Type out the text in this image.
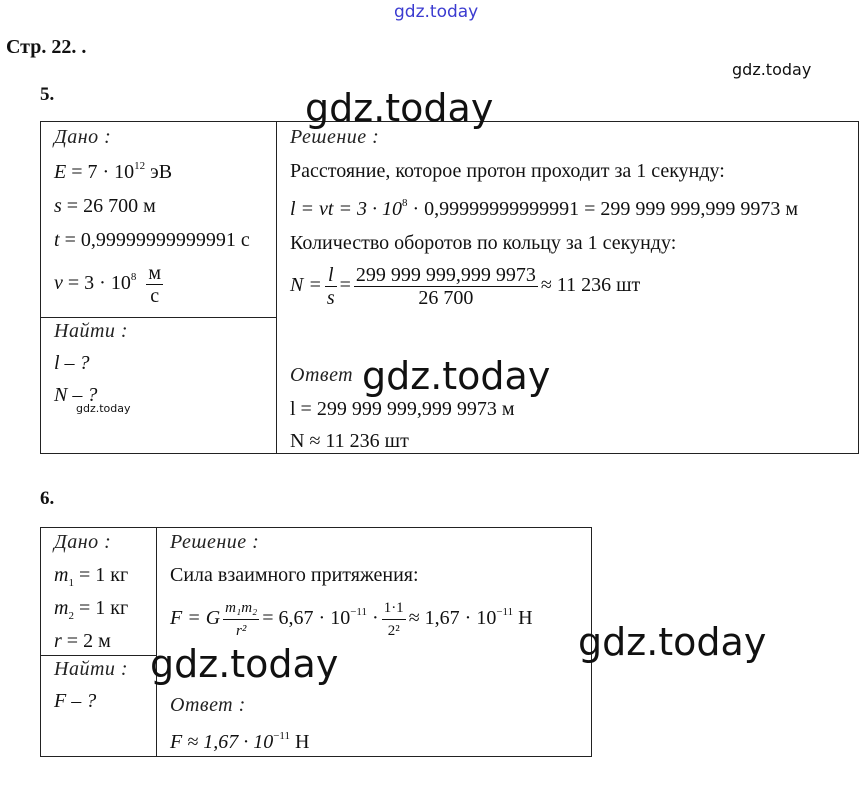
gdz.today
gdz.today
Стр. 22. .
5.
Дано :
$E = 7 \cdot 10^{12}$ эВ
s = 26 700 м
t = 0,99999999999991 с
$v = 3 \cdot 10^8 \frac{м}{с}$
Найти :
l – ?
N – ?
gdz.today
Решение :
Расстояние, которое протон проходит за 1 секунду:
l = vt = $3 \cdot 10^8 \cdot 0,99999999999991 = 299$ 999 999,999 9973 м
Количество оборотов по кольцу за 1 секунду:
$N = \frac{l}{s} = \frac{299 999 999,999 9973}{26 700} \approx 11$ 236 шт
Ответ
l = 299 999 999,999 9973 м
N ≈ 11 236 шт
gdz.today
gdz.today
6.
Дано :
$m_1 = 1$ кг
$m_2 = 1$ кг
r = 2 м
Найти :
F – ?
Решение :
Сила взаимного притяжения:
F = G $\frac{\text{m₁m₂}}{\text{r²}} = 6,67 \cdot 10^{-11} \cdot \frac{1\cdot 1}{\text{2²}} \approx 1,67 \cdot 10^{-11}$ Н
Ответ :
$F \approx 1,67 \cdot 10^{-11}$ Н
gdz.today
gdz.today
